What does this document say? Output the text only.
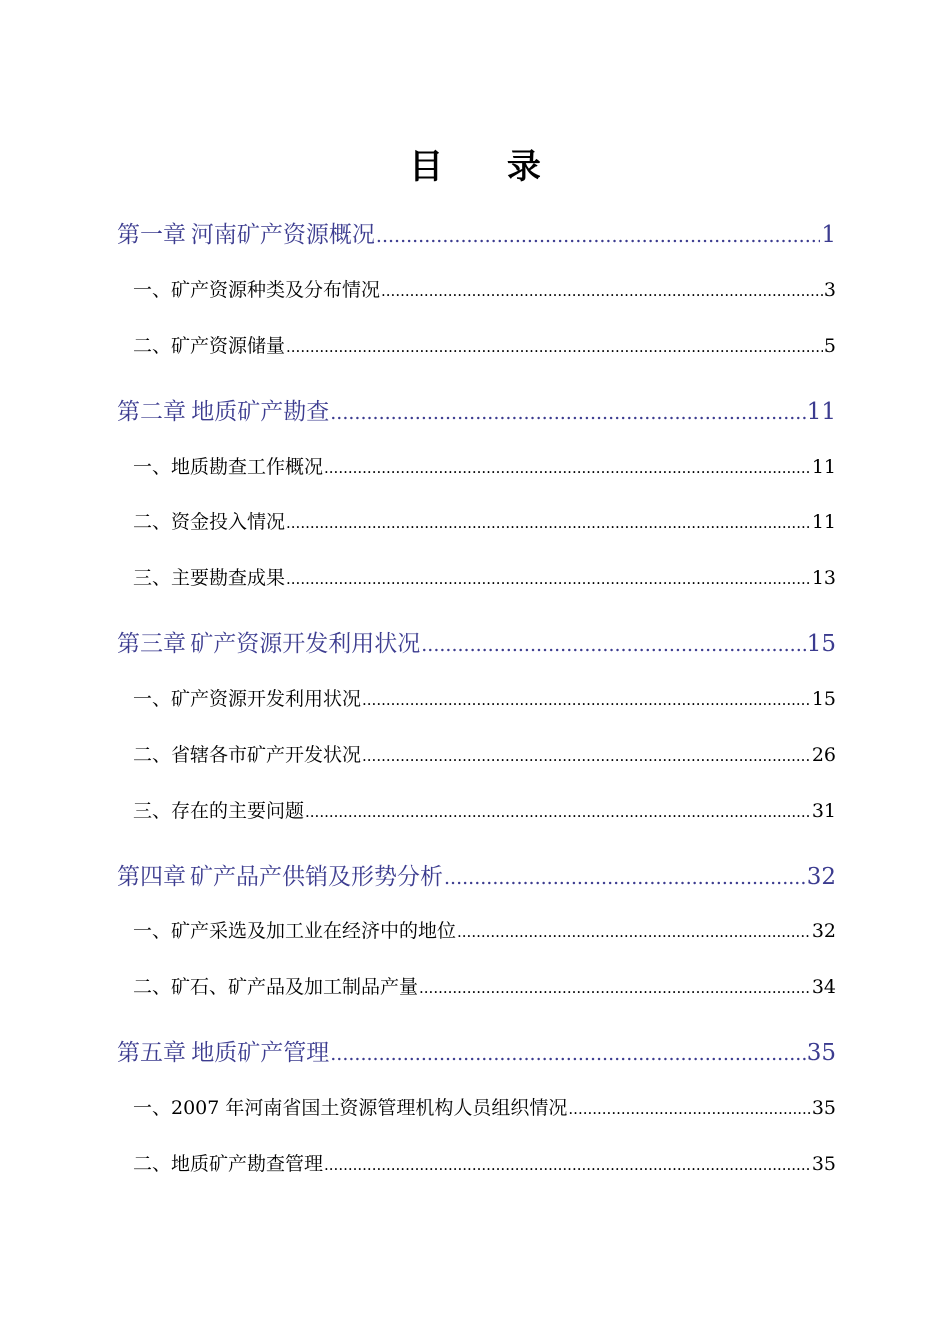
目 录
第一章 河南矿产资源概况 .....	1
一、矿产资源种类及分布情况 .....	3
二、矿产资源储量 .....	5
第二章 地质矿产勘查 .....	11
一、地质勘查工作概况 .....	11
二、资金投入情况 .....	11
三、主要勘查成果 .....	13
第三章 矿产资源开发利用状况 .....	15
一、矿产资源开发利用状况 .....	15
二、省辖各市矿产开发状况 .....	26
三、存在的主要问题 .....	31
第四章 矿产品产供销及形势分析 .....	32
一、矿产采选及加工业在经济中的地位 .....	32
二、矿石、矿产品及加工制品产量 .....	34
第五章 地质矿产管理 .....	35
一、2007 年河南省国土资源管理机构人员组织情况 .....	35
二、地质矿产勘查管理 .....	35
